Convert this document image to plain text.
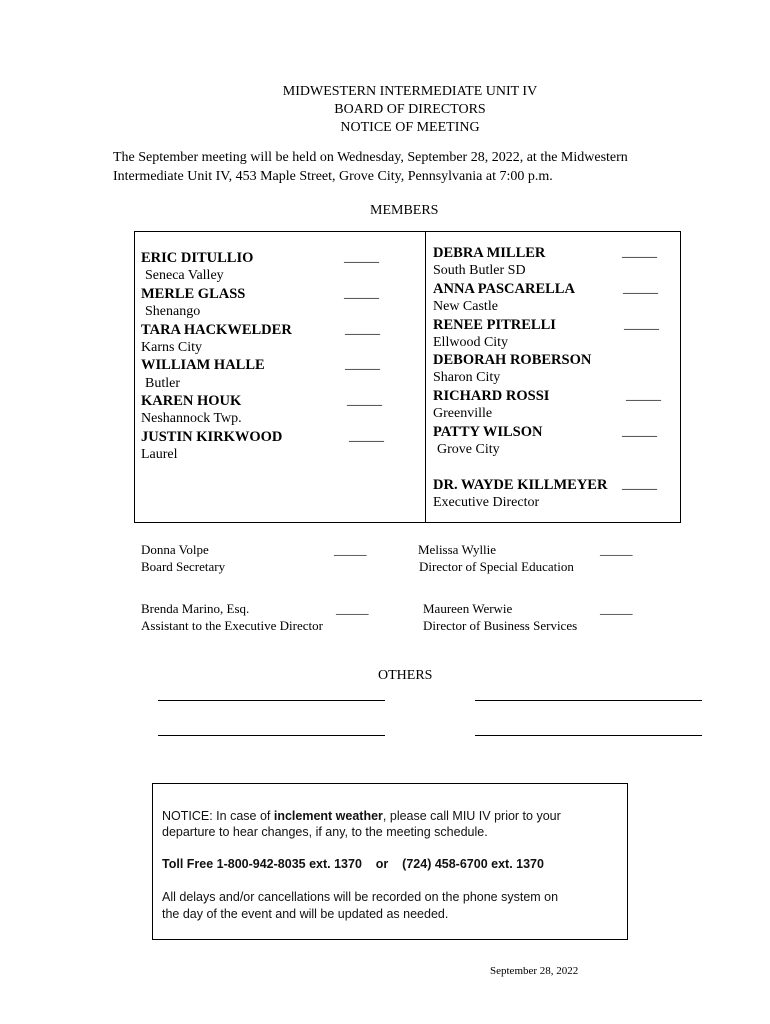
MIDWESTERN INTERMEDIATE UNIT IV
BOARD OF DIRECTORS
NOTICE OF MEETING
The September meeting will be held on Wednesday, September 28, 2022, at the Midwestern
Intermediate Unit IV, 453 Maple Street, Grove City, Pennsylvania at 7:00 p.m.
MEMBERS
ERIC DITULLIO
Seneca Valley
_____
MERLE GLASS
Shenango
_____
TARA HACKWELDER
Karns City
_____
WILLIAM HALLE
Butler
_____
KAREN HOUK
Neshannock Twp.
_____
JUSTIN KIRKWOOD
Laurel
_____
DEBRA MILLER
South Butler SD
_____
ANNA PASCARELLA
New Castle
_____
RENEE PITRELLI
Ellwood City
_____
DEBORAH ROBERSON
Sharon City
RICHARD ROSSI
Greenville
_____
PATTY WILSON
Grove City
_____
DR. WAYDE KILLMEYER _____
Executive Director
Donna Volpe
Board Secretary
_____	Melissa Wyllie
Director of Special Education
_____
Brenda Marino, Esq.
Assistant to the Executive Director
_____	Maureen Werwie
Director of Business Services
_____
OTHERS
NOTICE: In case of inclement weather, please call MIU IV prior to your
departure to hear changes, if any, to the meeting schedule.
Toll Free 1-800-942-8035 ext. 1370    or    (724) 458-6700 ext. 1370
All delays and/or cancellations will be recorded on the phone system on
the day of the event and will be updated as needed.
September 28, 2022
